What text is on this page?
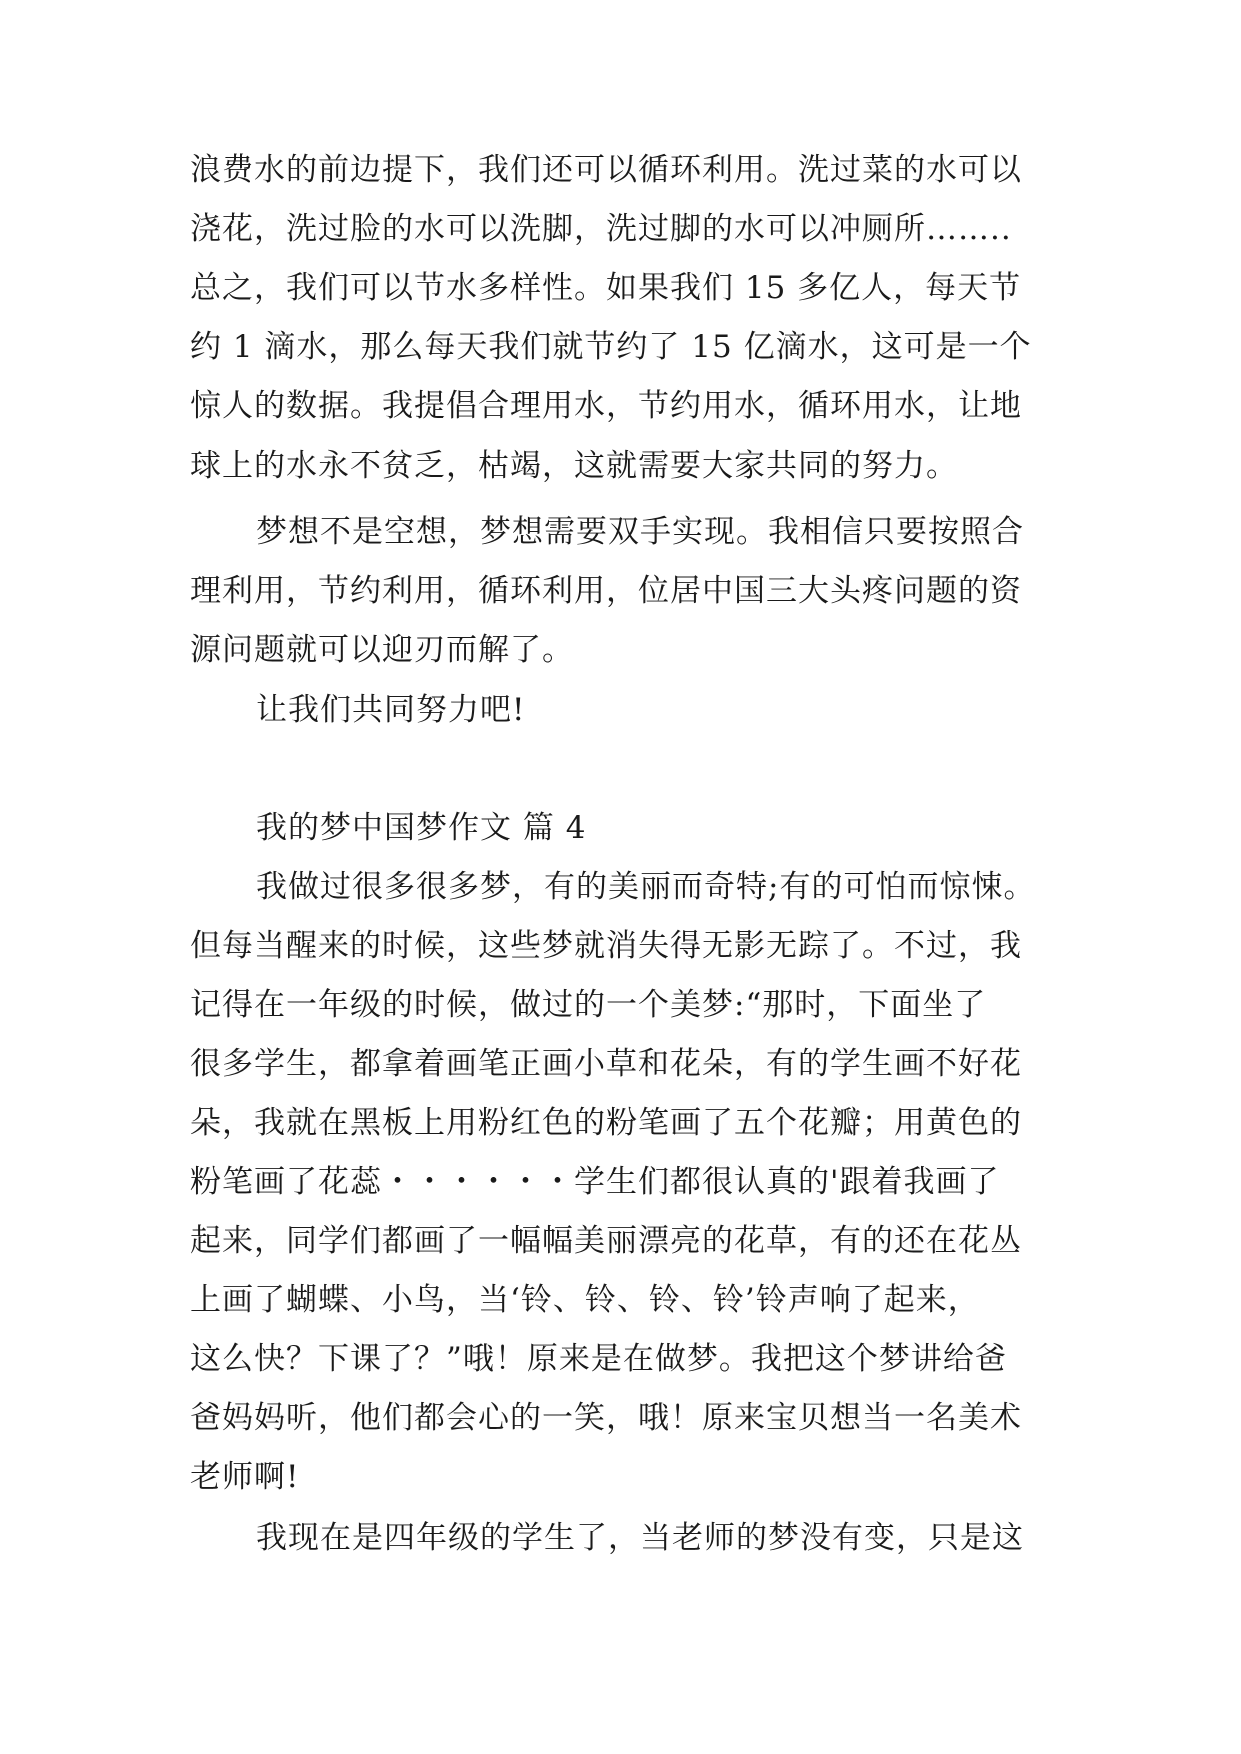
浪费水的前边提下，我们还可以循环利用。洗过菜的水可以
浇花，洗过脸的水可以洗脚，洗过脚的水可以冲厕所……..
总之，我们可以节水多样性。如果我们 15 多亿人，每天节
约 1 滴水，那么每天我们就节约了 15 亿滴水，这可是一个
惊人的数据。我提倡合理用水，节约用水，循环用水，让地
球上的水永不贫乏，枯竭，这就需要大家共同的努力。
梦想不是空想，梦想需要双手实现。我相信只要按照合
理利用，节约利用，循环利用，位居中国三大头疼问题的资
源问题就可以迎刃而解了。
让我们共同努力吧!
我的梦中国梦作文 篇 4
我做过很多很多梦，有的美丽而奇特;有的可怕而惊悚。
但每当醒来的时候，这些梦就消失得无影无踪了。不过，我
记得在一年级的时候，做过的一个美梦:“那时，下面坐了
很多学生，都拿着画笔正画小草和花朵，有的学生画不好花
朵，我就在黑板上用粉红色的粉笔画了五个花瓣；用黄色的
粉笔画了花蕊・・・・・・学生们都很认真的'跟着我画了
起来，同学们都画了一幅幅美丽漂亮的花草，有的还在花丛
上画了蝴蝶、小鸟，当‘铃、铃、铃、铃’铃声响了起来，
这么快？下课了？”哦！原来是在做梦。我把这个梦讲给爸
爸妈妈听，他们都会心的一笑，哦！原来宝贝想当一名美术
老师啊!
我现在是四年级的学生了，当老师的梦没有变，只是这
